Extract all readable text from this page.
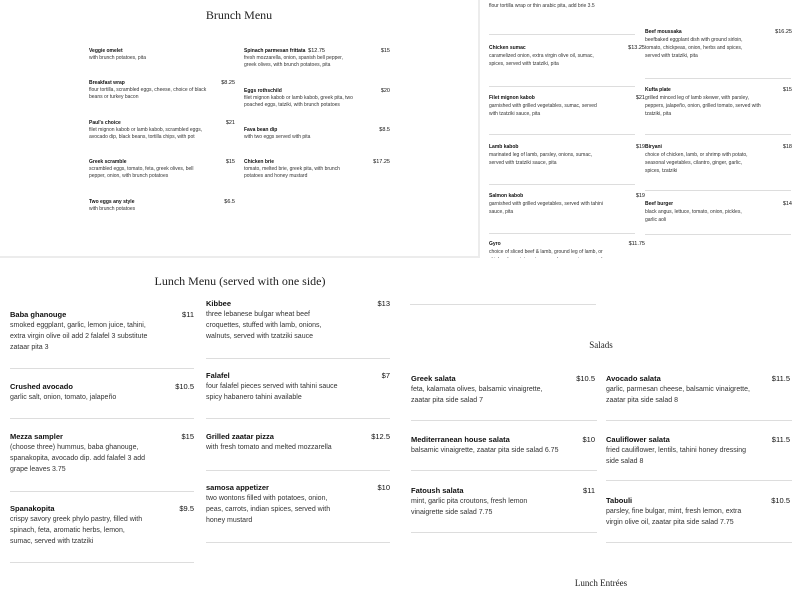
Brunch Menu
Veggie omelet
with brunch potatoes, pita
$12.75
Breakfast wrap
flour tortilla, scrambled eggs, cheese, choice of black beans or turkey bacon
$8.25
Paul's choice
filet mignon kabob or lamb kabob, scrambled eggs, avocado dip, black beans, tortilla chips, with pot
$21
Greek scramble
scrambled eggs, tomato, feta, greek olives, bell pepper, onion, with brunch potatoes
$15
Two eggs any style
with brunch potatoes
$6.5
Spinach parmesan frittata
fresh mozzarella, onion, spanish bell pepper, greek olives, with brunch potatoes, pita
$15
Eggs rothschild
filet mignon kabob or lamb kabob, greek pita, two poached eggs, tatziki, with brunch potatoes
$20
Fava bean dip
with two eggs served with pita
$8.5
Chicken brie
tomato, melted brie, greek pita, with brunch potatoes and honey mustard
$17.25
flour tortilla wrap or thin arabic pita, add brie 3.5
Chicken sumac
caramelized onion, extra virgin olive oil, sumac, spices, served with tzatziki, pita
$13.25
Filet mignon kabob
garnished with grilled vegetables, sumac, served with tzatziki sauce, pita
$21
Lamb kabob
marinated leg of lamb, parsley, onions, sumac, served with tzatziki sauce, pita
$19
Salmon kabob
garnished with grilled vegetables, served with tahini sauce, pita
$19
Gyro
choice of sliced beef & lamb, ground leg of lamb, or
$11.75
Beef moussaka
beefbaked eggplant dish with ground sirloin, tomato, chickpeas, onion, herbs and spices, served with tzatziki, pita
$16.25
Kufta plate
grilled minced leg of lamb skewer, with parsley, peppers, jalapeño, onion, grilled tomato, served with tzatziki, pita
$15
Biryani
choice of chicken, lamb, or shrimp with potato, seasonal vegetables, cilantro, ginger, garlic, spices, tzatziki
$18
Beef burger
black angus, lettuce, tomato, onion, pickles, garlic aoli
$14
Lunch Menu (served with one side)
Baba ghanouge
smoked eggplant, garlic, lemon juice, tahini, extra virgin olive oil add 2 falafel 3 substitute zataar pita 3
$11
Crushed avocado
garlic salt, onion, tomato, jalapeño
$10.5
Mezza sampler
(choose three) hummus, baba ghanouge, spanakopita, avocado dip. add falafel 3 add grape leaves 3.75
$15
Spanakopita
crispy savory greek phylo pastry, filled with spinach, feta, aromatic herbs, lemon, sumac, served with tzatziki
$9.5
Kibbee
three lebanese bulgar wheat beef croquettes, stuffed with lamb, onions, walnuts, served with tzatziki sauce
$13
Falafel
four falafel pieces served with tahini sauce spicy habanero tahini available
$7
Grilled zaatar pizza
with fresh tomato and melted mozzarella
$12.5
samosa appetizer
two wontons filled with potatoes, onion, peas, carrots, indian spices, served with honey mustard
$10
Salads
Greek salata
feta, kalamata olives, balsamic vinaigrette, zaatar pita side salad 7
$10.5 Avocado salata
garlic, parmesan cheese, balsamic vinaigrette, zaatar pita side salad 8
$11.5
Mediterranean house salata
balsamic vinaigrette, zaatar pita side salad 6.75
$10 Cauliflower salata
fried cauliflower, lentils, tahini honey dressing side salad 8
$11.5
Fatoush salata
mint, garlic pita croutons, fresh lemon vinaigrette side salad 7.75
$11
Tabouli
parsley, fine bulgar, mint, fresh lemon, extra virgin olive oil, zaatar pita side salad 7.75
$10.5
Lunch Entrées
